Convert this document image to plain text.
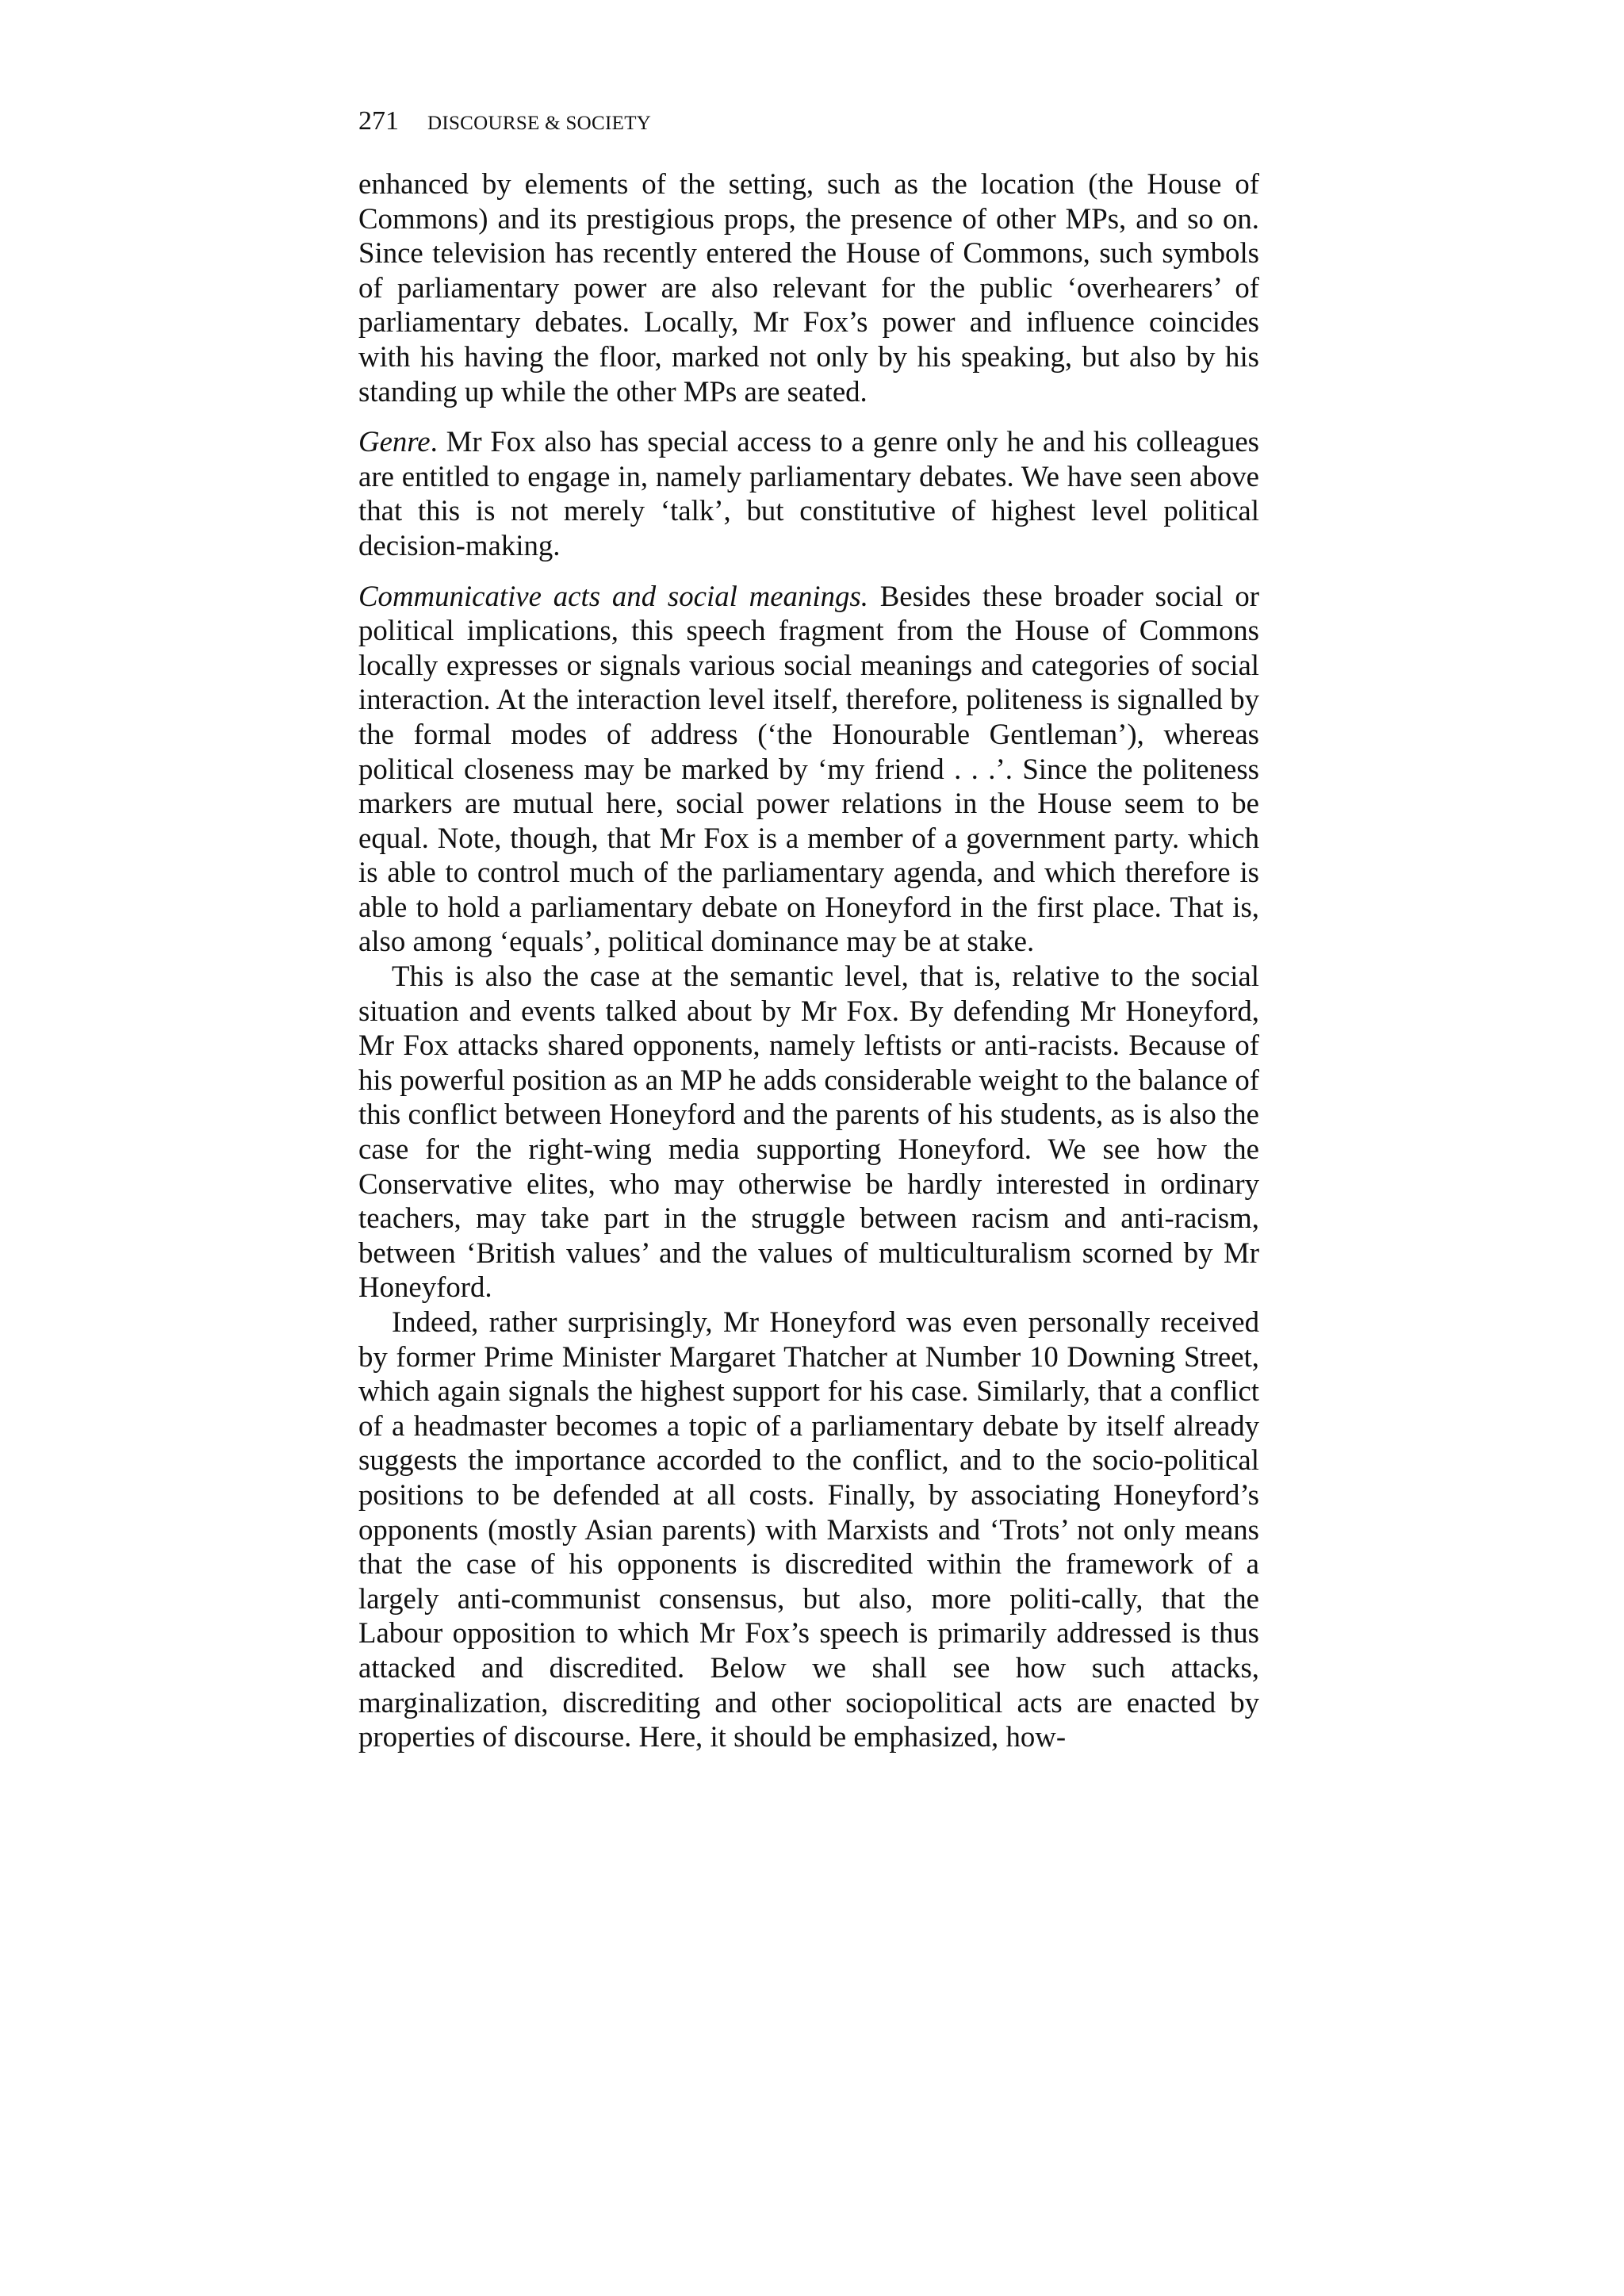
271 DISCOURSE & SOCIETY

enhanced by elements of the setting, such as the location (the House of Commons) and its prestigious props, the presence of other MPs, and so on. Since television has recently entered the House of Commons, such symbols of parliamentary power are also relevant for the public ‘overhearers’ of parliamentary debates. Locally, Mr Fox’s power and influence coincides with his having the floor, marked not only by his speaking, but also by his standing up while the other MPs are seated.

Genre. Mr Fox also has special access to a genre only he and his colleagues are entitled to engage in, namely parliamentary debates. We have seen above that this is not merely ‘talk’, but constitutive of highest level political decision-making.

Communicative acts and social meanings. Besides these broader social or political implications, this speech fragment from the House of Commons locally expresses or signals various social meanings and categories of social interaction. At the interaction level itself, therefore, politeness is signalled by the formal modes of address (‘the Honourable Gentleman’), whereas political closeness may be marked by ‘my friend . . .’. Since the politeness markers are mutual here, social power relations in the House seem to be equal. Note, though, that Mr Fox is a member of a government party. which is able to control much of the parliamentary agenda, and which therefore is able to hold a parliamentary debate on Honeyford in the first place. That is, also among ‘equals’, political dominance may be at stake.

This is also the case at the semantic level, that is, relative to the social situation and events talked about by Mr Fox. By defending Mr Honeyford, Mr Fox attacks shared opponents, namely leftists or anti-racists. Because of his powerful position as an MP he adds considerable weight to the balance of this conflict between Honeyford and the parents of his students, as is also the case for the right-wing media supporting Honeyford. We see how the Conservative elites, who may otherwise be hardly interested in ordinary teachers, may take part in the struggle between racism and anti-racism, between ‘British values’ and the values of multiculturalism scorned by Mr Honeyford.

Indeed, rather surprisingly, Mr Honeyford was even personally received by former Prime Minister Margaret Thatcher at Number 10 Downing Street, which again signals the highest support for his case. Similarly, that a conflict of a headmaster becomes a topic of a parliamentary debate by itself already suggests the importance accorded to the conflict, and to the socio-political positions to be defended at all costs. Finally, by associating Honeyford’s opponents (mostly Asian parents) with Marxists and ‘Trots’ not only means that the case of his opponents is discredited within the framework of a largely anti-communist consensus, but also, more politi-cally, that the Labour opposition to which Mr Fox’s speech is primarily addressed is thus attacked and discredited. Below we shall see how such attacks, marginalization, discrediting and other sociopolitical acts are enacted by properties of discourse. Here, it should be emphasized, how-
